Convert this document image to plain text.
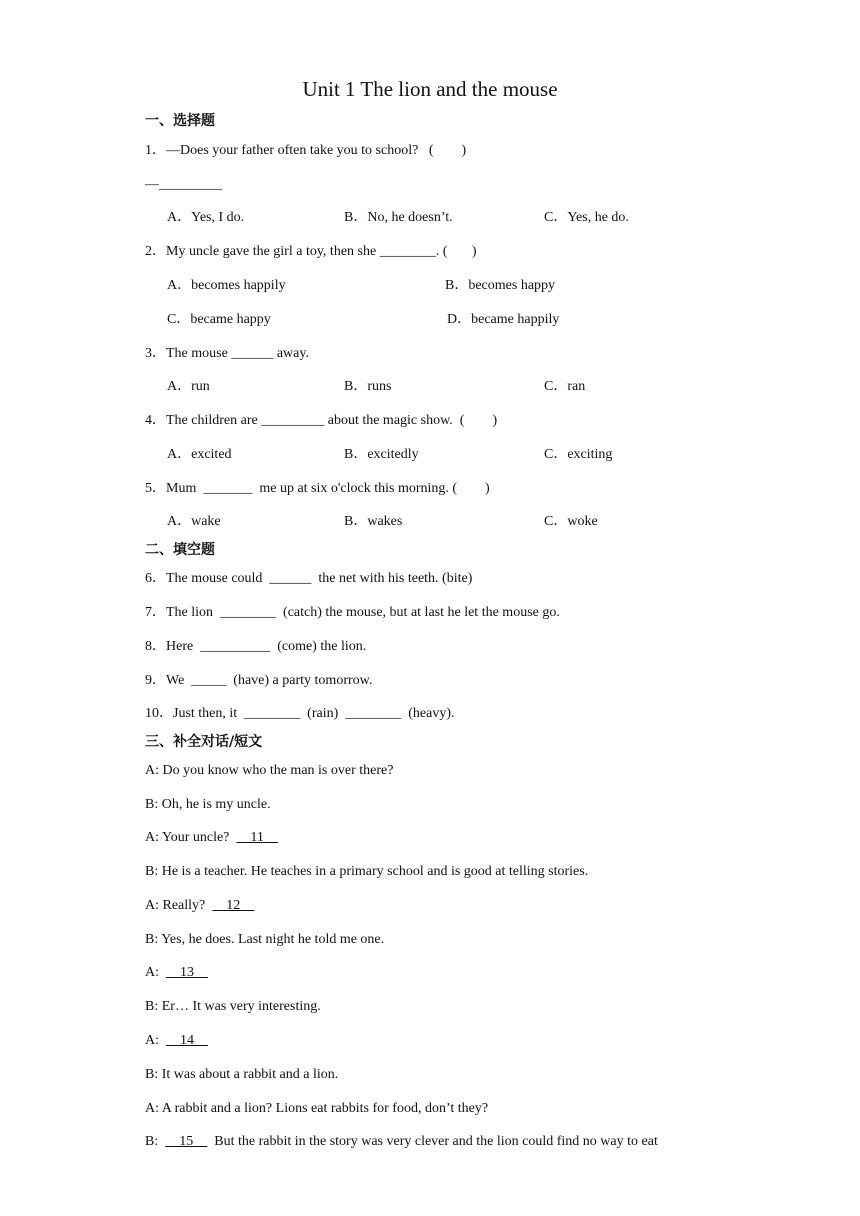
Unit 1 The lion and the mouse
一、选择题
1．—Does your father often take you to school?   (        )
—_________
A．Yes, I do.	B．No, he doesn’t.	C．Yes, he do.
2．My uncle gave the girl a toy, then she ________. (       )
A．becomes happily	B．becomes happy
C．became happy	D．became happily
3．The mouse ______ away.
A．run	B．runs	C．ran
4．The children are _________ about the magic show.  (        )
A．excited	B．excitedly	C．exciting
5．Mum  _______  me up at six o'clock this morning. (        )
A．wake	B．wakes	C．woke
二、填空题
6．The mouse could  ______  the net with his teeth. (bite)
7．The lion  ________  (catch) the mouse, but at last he let the mouse go.
8．Here  __________  (come) the lion.
9．We  _____  (have) a party tomorrow.
10．Just then, it  ________  (rain)  ________  (heavy).
三、补全对话/短文
A: Do you know who the man is over there?
B: Oh, he is my uncle.
A: Your uncle?      11
B: He is a teacher. He teaches in a primary school and is good at telling stories.
A: Really?      12
B: Yes, he does. Last night he told me one.
A:      13
B: Er… It was very interesting.
A:      14
B: It was about a rabbit and a lion.
A: A rabbit and a lion? Lions eat rabbits for food, don’t they?
B:      15      But the rabbit in the story was very clever and the lion could find no way to eat
